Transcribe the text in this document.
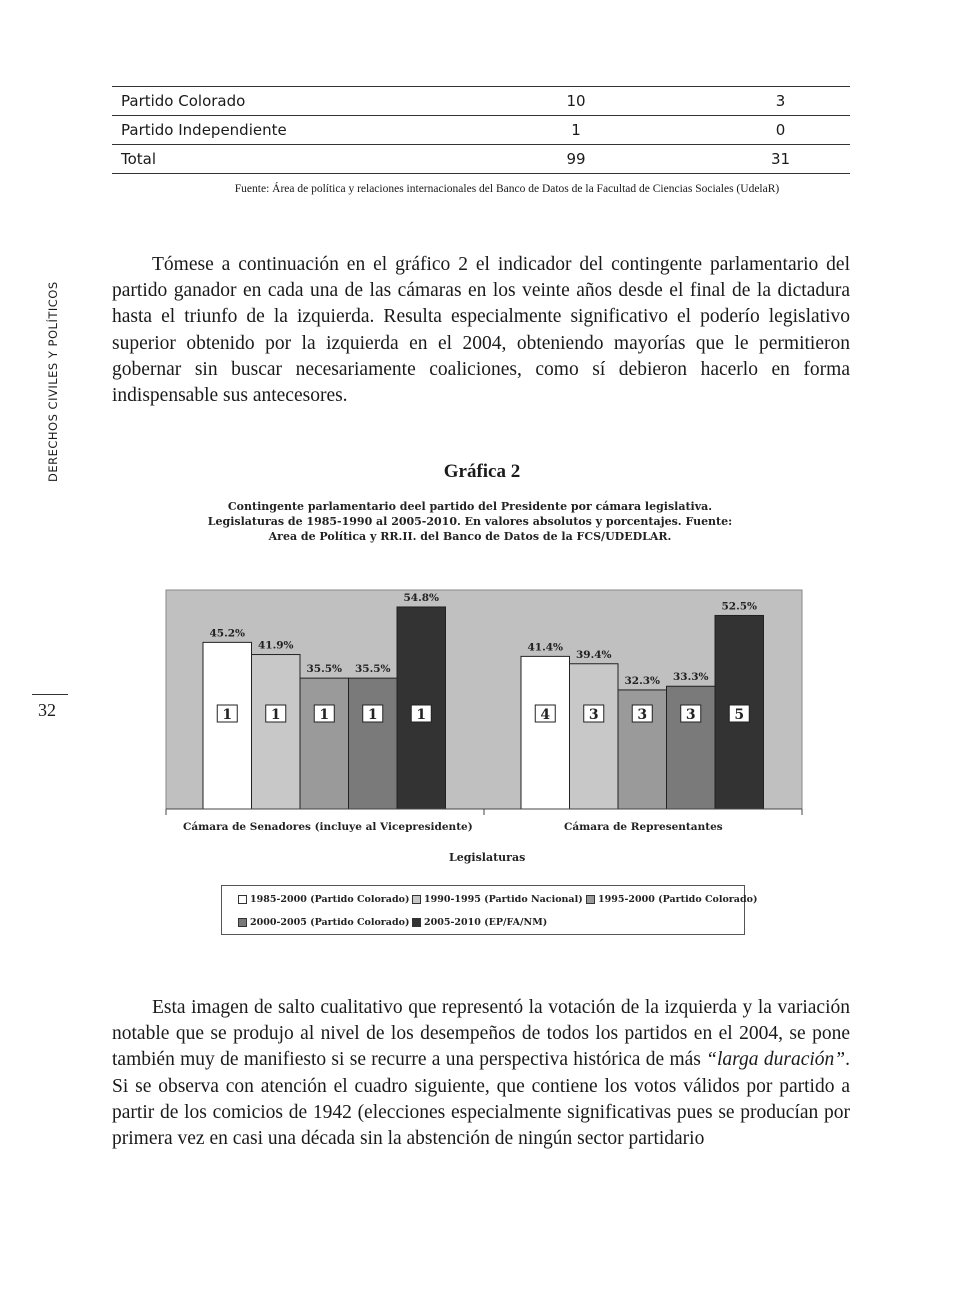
DERECHOS CIVILES Y POLÍTICOS
32
Partido Colorado	10	3
Partido Independiente	1	0
Total	99	31
Fuente: Área de política y relaciones internacionales del Banco de Datos de la Facultad de Ciencias Sociales (UdelaR)

Tómese a continuación en el gráfico 2 el indicador del contingente parlamentario del partido ganador en cada una de las cámaras en los veinte años desde el final de la dictadura hasta el triunfo de la izquierda. Resulta especialmente significativo el poderío legislativo superior obtenido por la izquierda en el 2004, obteniendo mayorías que le permitieron gobernar sin buscar necesariamente coaliciones, como sí debieron hacerlo en forma indispensable sus antecesores.

Gráfica 2
Contingente parlamentario deel partido del Presidente por cámara legislativa.
Legislaturas de 1985-1990 al 2005-2010. En valores absolutos y porcentajes. Fuente:
Area de Política y RR.II. del Banco de Datos de la FCS/UDEDLAR.
45.2%
1
41.9%
1
35.5%
1
35.5%
1
54.8%
1
41.4%
4
39.4%
3
32.3%
3
33.3%
3
52.5%
5
Cámara de Senadores (incluye al Vicepresidente)	Cámara de Representantes
Legislaturas
1985-2000 (Partido Colorado)	1990-1995 (Partido Nacional)	1995-2000 (Partido Colorado)
2000-2005 (Partido Colorado)	2005-2010 (EP/FA/NM)

Esta imagen de salto cualitativo que representó la votación de la izquierda y la variación notable que se produjo al nivel de los desempeños de todos los partidos en el 2004, se pone también muy de manifiesto si se recurre a una perspectiva histórica de más “larga duración”. Si se observa con atención el cuadro siguiente, que contiene los votos válidos por partido a partir de los comicios de 1942 (elecciones especialmente significativas pues se producían por primera vez en casi una década sin la abstención de ningún sector partidario
